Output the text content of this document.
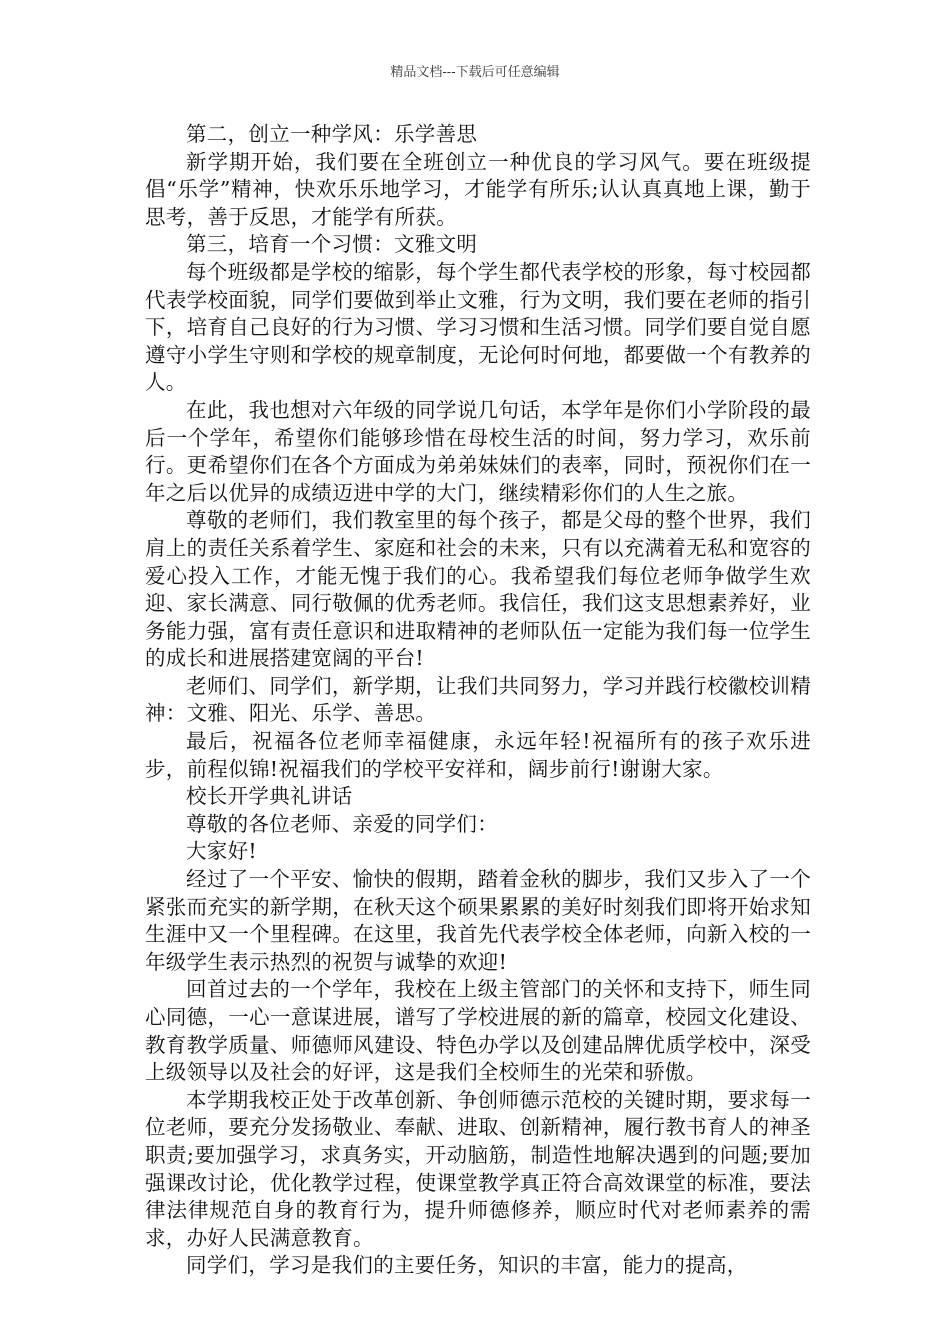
精品文档---下载后可任意编辑

第二，创立一种学风：乐学善思

新学期开始，我们要在全班创立一种优良的学习风气。要在班级提倡“乐学”精神，快欢乐乐地学习，才能学有所乐;认认真真地上课，勤于思考，善于反思，才能学有所获。

第三，培育一个习惯：文雅文明

每个班级都是学校的缩影，每个学生都代表学校的形象，每寸校园都代表学校面貌，同学们要做到举止文雅，行为文明，我们要在老师的指引下，培育自己良好的行为习惯、学习习惯和生活习惯。同学们要自觉自愿遵守小学生守则和学校的规章制度，无论何时何地，都要做一个有教养的人。

在此，我也想对六年级的同学说几句话，本学年是你们小学阶段的最后一个学年，希望你们能够珍惜在母校生活的时间，努力学习，欢乐前行。更希望你们在各个方面成为弟弟妹妹们的表率，同时，预祝你们在一年之后以优异的成绩迈进中学的大门，继续精彩你们的人生之旅。

尊敬的老师们，我们教室里的每个孩子，都是父母的整个世界，我们肩上的责任关系着学生、家庭和社会的未来，只有以充满着无私和宽容的爱心投入工作，才能无愧于我们的心。我希望我们每位老师争做学生欢迎、家长满意、同行敬佩的优秀老师。我信任，我们这支思想素养好，业务能力强，富有责任意识和进取精神的老师队伍一定能为我们每一位学生的成长和进展搭建宽阔的平台!

老师们、同学们，新学期，让我们共同努力，学习并践行校徽校训精神：文雅、阳光、乐学、善思。

最后，祝福各位老师幸福健康，永远年轻!祝福所有的孩子欢乐进步，前程似锦!祝福我们的学校平安祥和，阔步前行!谢谢大家。

校长开学典礼讲话

尊敬的各位老师、亲爱的同学们：

大家好!

经过了一个平安、愉快的假期，踏着金秋的脚步，我们又步入了一个紧张而充实的新学期，在秋天这个硕果累累的美好时刻我们即将开始求知生涯中又一个里程碑。在这里，我首先代表学校全体老师，向新入校的一年级学生表示热烈的祝贺与诚挚的欢迎!

回首过去的一个学年，我校在上级主管部门的关怀和支持下，师生同心同德，一心一意谋进展，谱写了学校进展的新的篇章，校园文化建设、教育教学质量、师德师风建设、特色办学以及创建品牌优质学校中，深受上级领导以及社会的好评，这是我们全校师生的光荣和骄傲。

本学期我校正处于改革创新、争创师德示范校的关键时期，要求每一位老师，要充分发扬敬业、奉献、进取、创新精神，履行教书育人的神圣职责;要加强学习，求真务实，开动脑筋，制造性地解决遇到的问题;要加强课改讨论，优化教学过程，使课堂教学真正符合高效课堂的标准，要法律法律规范自身的教育行为，提升师德修养，顺应时代对老师素养的需求，办好人民满意教育。

同学们，学习是我们的主要任务，知识的丰富，能力的提高，
